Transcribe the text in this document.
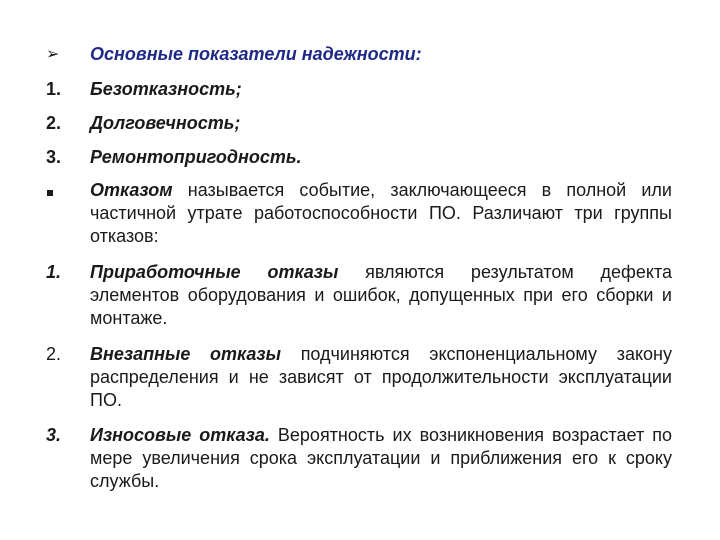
➢ Основные показатели надежности:
1. Безотказность;
2. Долговечность;
3. Ремонтопригодность.
Отказом называется событие, заключающееся в полной или частичной утрате работоспособности ПО. Различают три группы отказов:
1. Приработочные отказы являются результатом дефекта элементов оборудования и ошибок, допущенных при его сборки и монтаже.
2. Внезапные отказы подчиняются экспоненциальному закону распределения и не зависят от продолжительности эксплуатации ПО.
3. Износовые отказа. Вероятность их возникновения возрастает по мере увеличения срока эксплуатации и приближения его к сроку службы.
